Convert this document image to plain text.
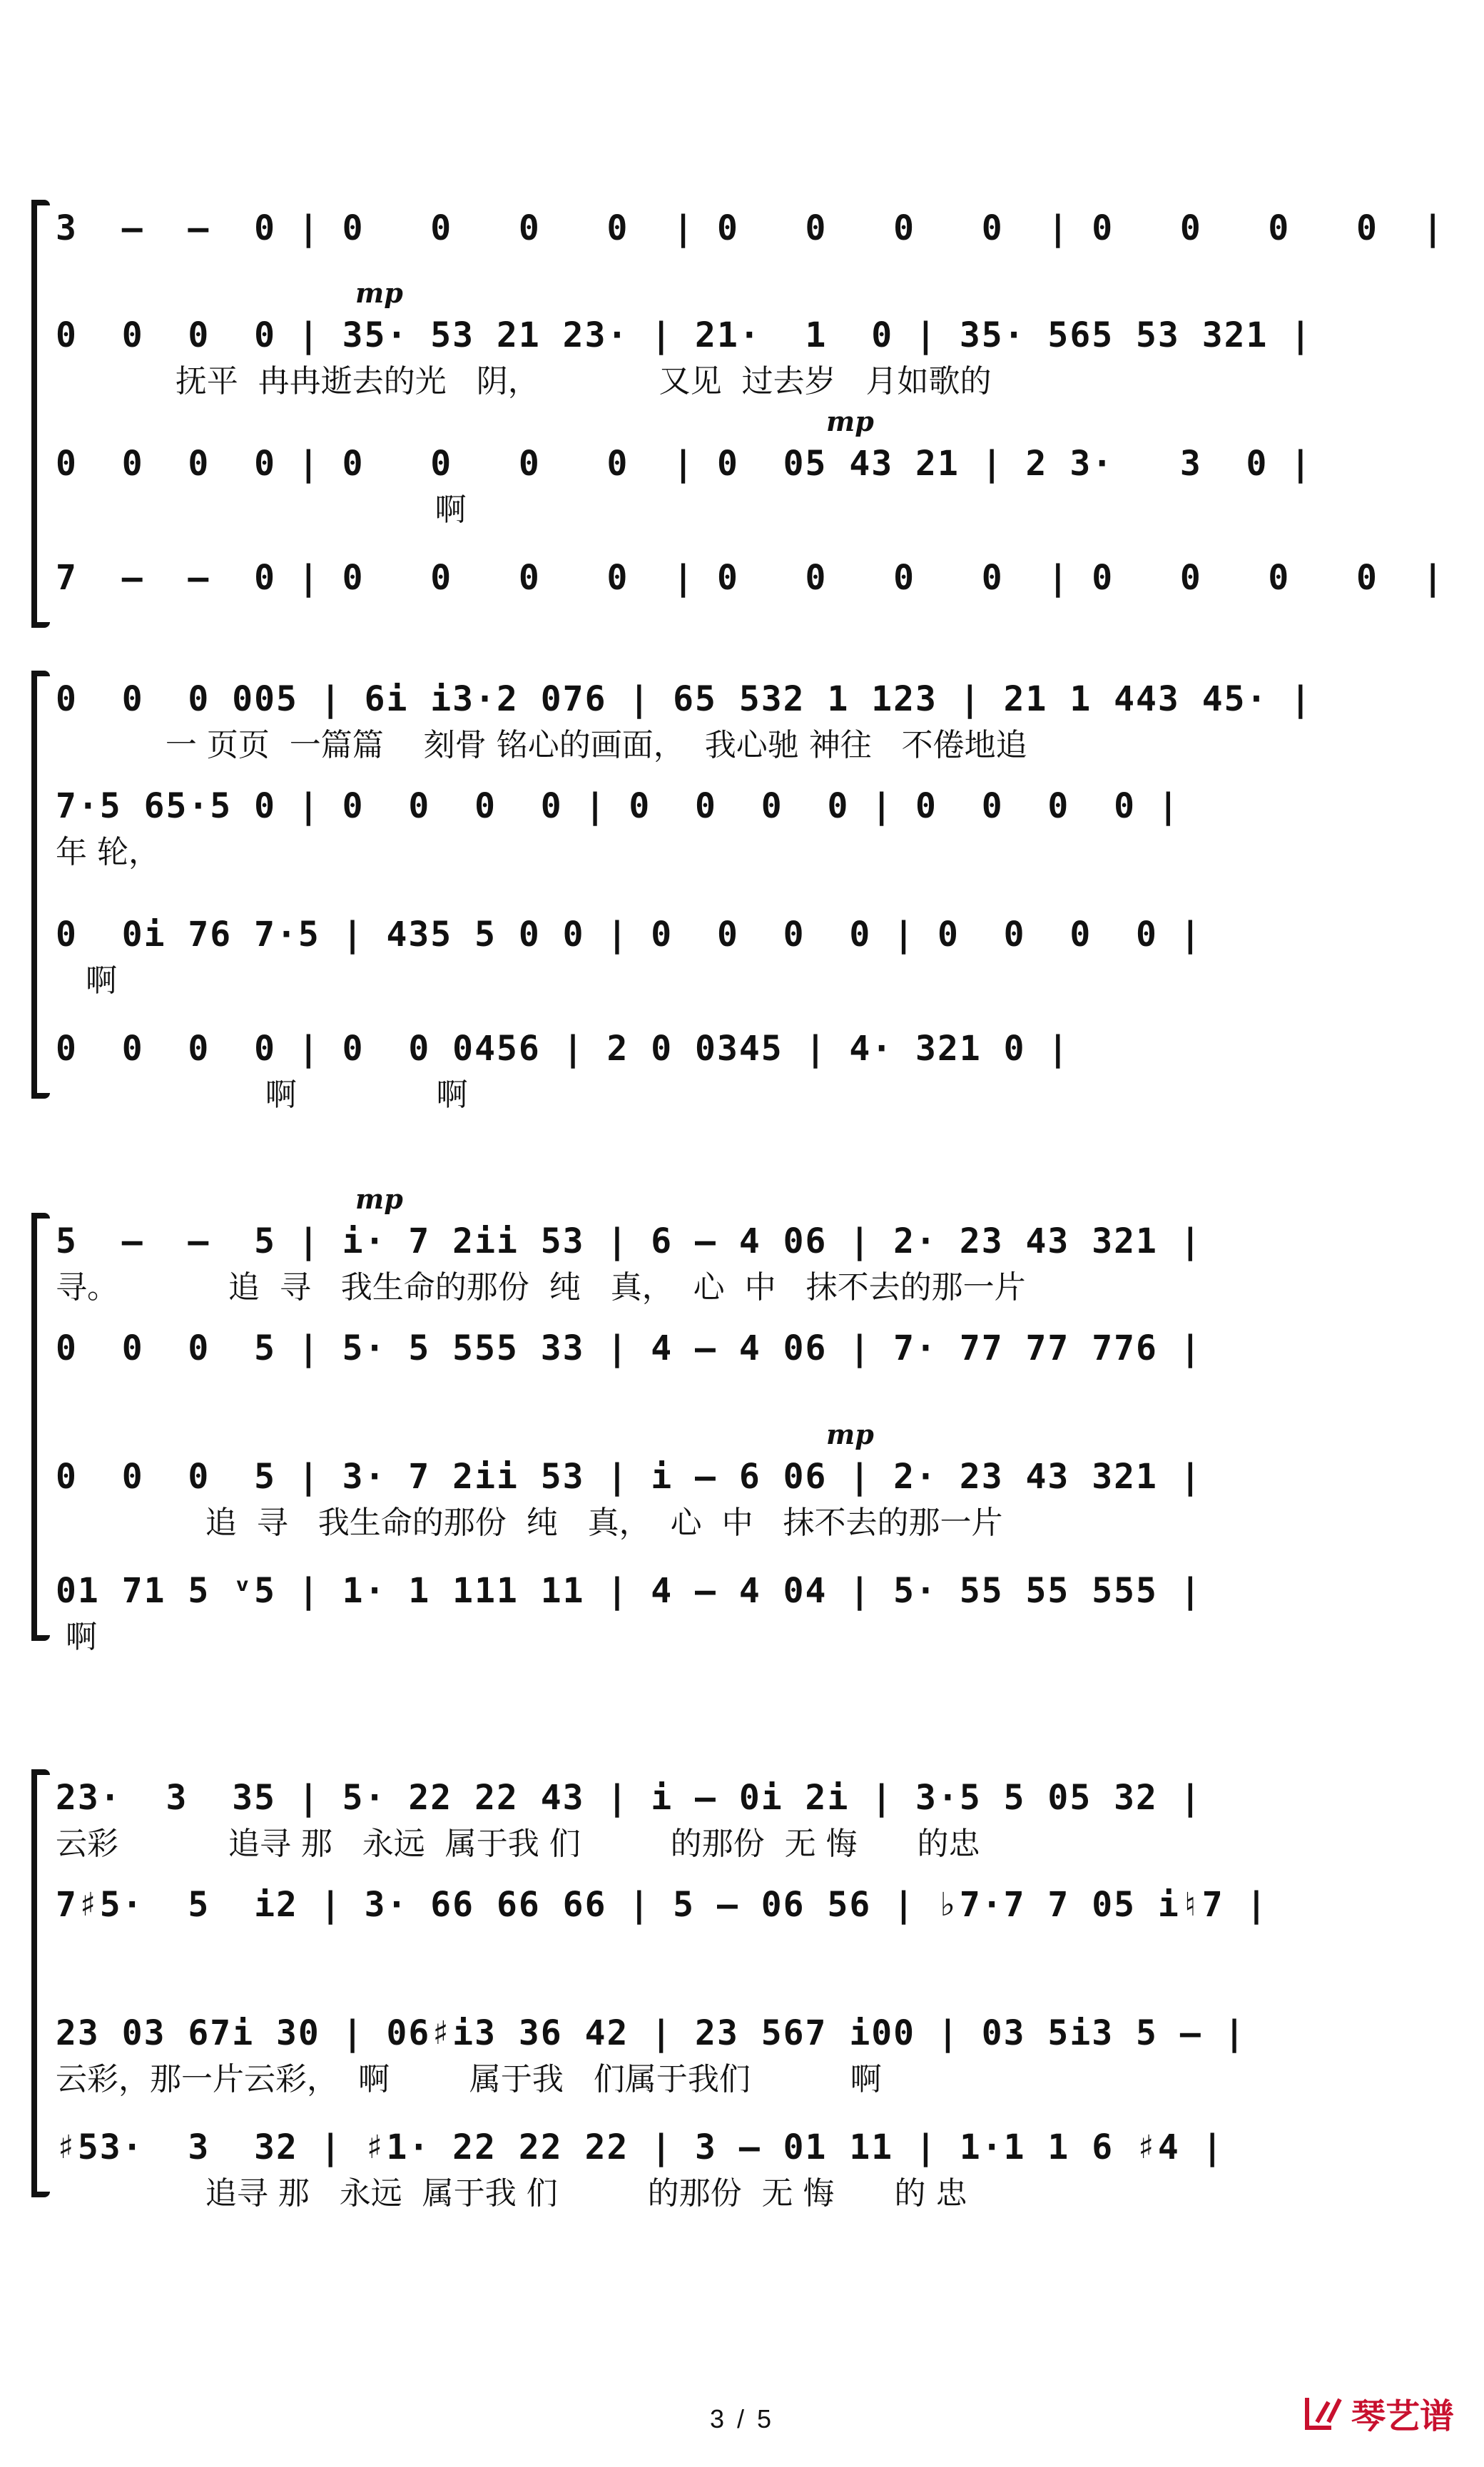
3  –  –  0 | 0   0   0   0  | 0   0   0   0  | 0   0   0   0  |
0  0  0  0 | 35· 53 21 23· | 21·  1  0 | 35· 565 53 321 |
抚平  冉冉逝去的光   阴，            又见  过去岁   月如歌的
mp
0  0  0  0 | 0   0   0   0  | 0  05 43 21 | 2 3·   3  0 |
啊
mp
7  –  –  0 | 0   0   0   0  | 0   0   0   0  | 0   0   0   0  |
0  0  0 005 | 6i i3·2 076 | 65 532 1 123 | 21 1 443 45· |
一 页页  一篇篇    刻骨 铭心的画面，  我心驰 神往   不倦地追
7·5 65·5 0 | 0  0  0  0 | 0  0  0  0 | 0  0  0  0 |
年 轮，
0  0i 76 7·5 | 435 5 0 0 | 0  0  0  0 | 0  0  0  0 |
啊
0  0  0  0 | 0  0 0456 | 2 0 0345 | 4· 321 0 |
啊              啊
5  –  –  5 | i· 7 2ii 53 | 6 – 4 06 | 2· 23 43 321 |
寻。           追  寻   我生命的那份  纯   真，  心  中   抹不去的那一片
mp
0  0  0  5 | 5· 5 555 33 | 4 – 4 06 | 7· 77 77 776 |
0  0  0  5 | 3· 7 2ii 53 | i – 6 06 | 2· 23 43 321 |
追  寻   我生命的那份  纯   真，  心  中   抹不去的那一片
mp
01 71 5 ᵛ5 | 1· 1 111 11 | 4 – 4 04 | 5· 55 55 555 |
啊
23·  3  35 | 5· 22 22 43 | i – 0i 2i | 3·5 5 05 32 |
云彩           追寻 那   永远  属于我 们         的那份  无 悔      的忠
7♯5·  5  i2 | 3· 66 66 66 | 5 – 06 56 | ♭7·7 7 05 i♮7 |
23 03 67i 30 | 06♯i3 36 42 | 23 567 i00 | 03 5i3 5 – |
云彩，那一片云彩，  啊        属于我   们属于我们          啊
♯53·  3  32 | ♯1· 22 22 22 | 3 – 01 11 | 1·1 1 6 ♯4 |
追寻 那   永远  属于我 们         的那份  无 悔      的 忠
3 / 5	琴艺谱
